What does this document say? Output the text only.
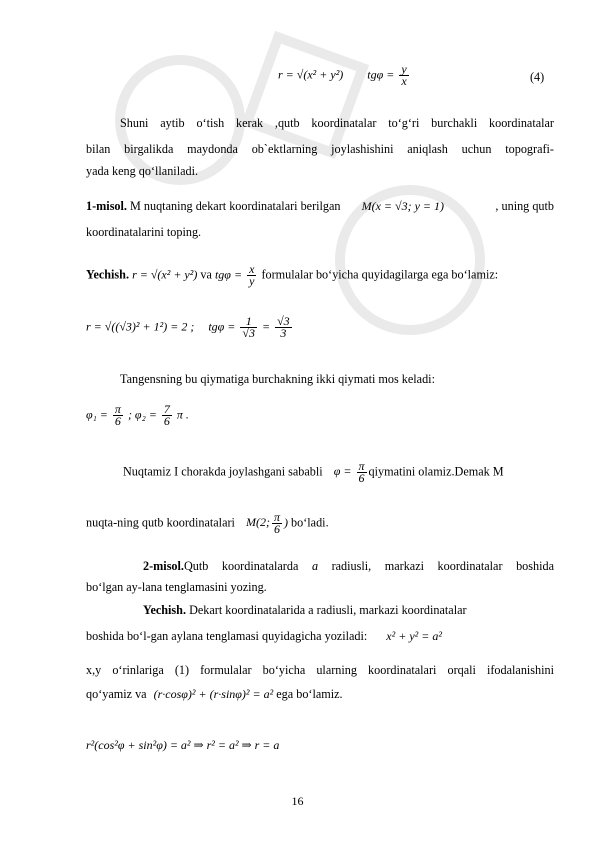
r = √(x² + y²) $tg\varphi = \frac{y}{x}$	(4)
Shuni aytib o‘tish kerak ,qutb koordinatalar to‘g‘ri burchakli koordinatalar
bilan birgalikda maydonda ob`ektlarning joylashishini aniqlash uchun topografi-
yada keng qo‘llaniladi.
1-misol. M nuqtaning dekart koordinatalari berilgan M(x = √3; y = 1)	, uning qutb
koordinatalarini toping.
Yechish. r = √(x² + y²) va $tg\varphi = \frac{x}{y}$ formulalar bo‘yicha quyidagilarga ega bo‘lamiz:
r = √((√3)² + 1²) = 2 ; $tg\varphi = \frac{1}{√3} = \frac{√3}{3}$
Tangensning bu qiymatiga burchakning ikki qiymati mos keladi:
$\varphi_1 = \frac{\pi}{6}$ ; $\varphi_2 = \frac{7}{6}$ π .
Nuqtamiz I chorakda joylashgani sababli $\varphi = \frac{\pi}{6}$ qiymatini olamiz.Demak M
nuqta-ning qutb koordinatalari M(2; $\frac{\pi}{6}$ ) bo‘ladi.
2-misol.Qutb koordinatalarda a radiusli, markazi koordinatalar boshida
bo‘lgan ay-lana tenglamasini yozing.
Yechish. Dekart koordinatalarida a radiusli, markazi koordinatalar
boshida bo‘l-gan aylana tenglamasi quyidagicha yoziladi: x² + y² = a²
x,y o‘rinlariga (1) formulalar bo‘yicha ularning koordinatalari orqali ifodalanishini
qo‘yamiz va (r·cosφ)² + (r·sinφ)² = a² ega bo‘lamiz.
r²(cos²φ + sin²φ) = a² ⇒ r² = a² ⇒ r = a
16
